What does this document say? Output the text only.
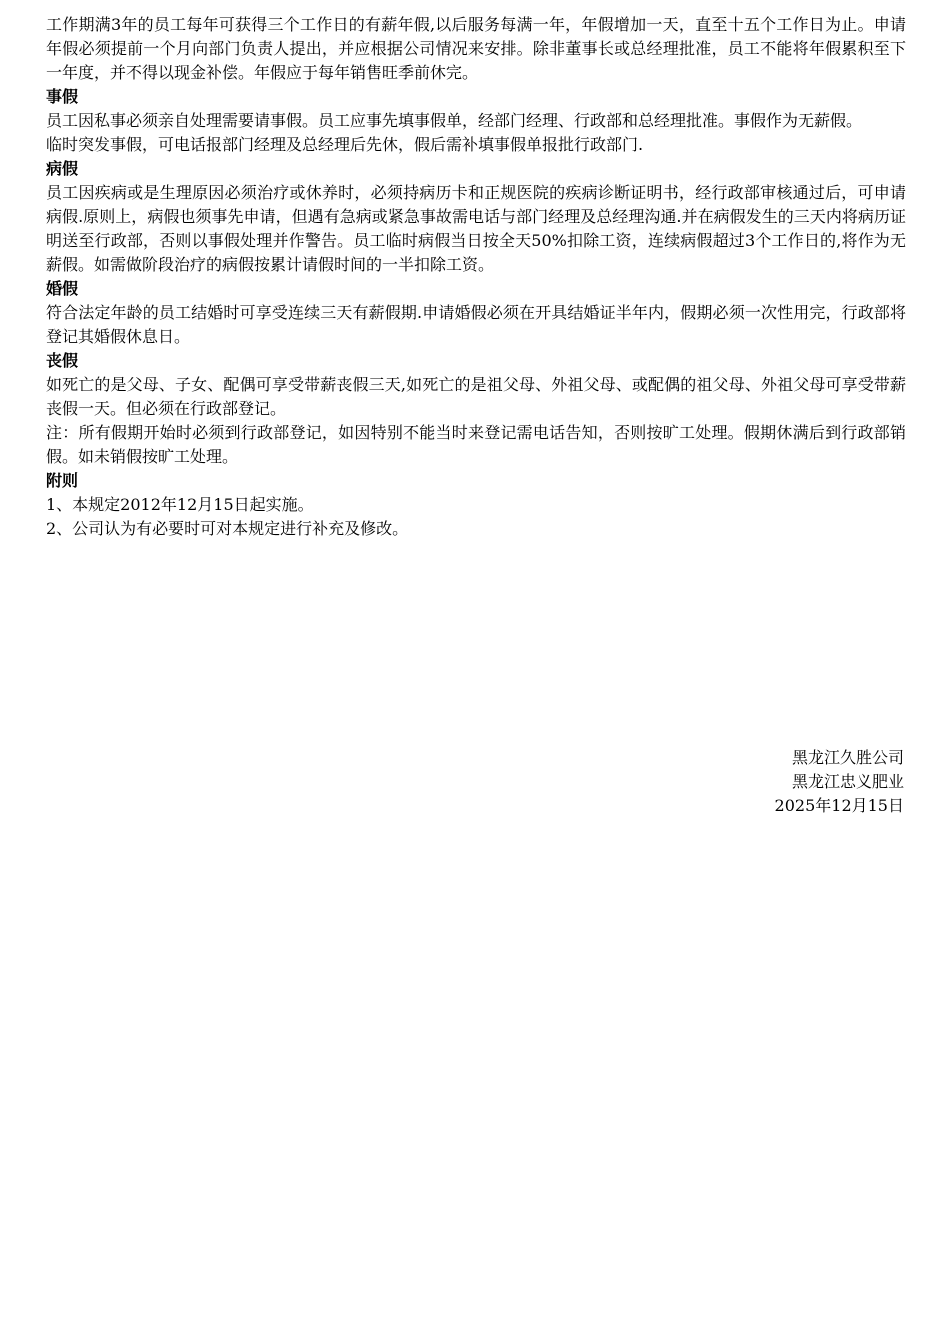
工作期满3年的员工每年可获得三个工作日的有薪年假,以后服务每满一年，年假增加一天，直至十五个工作日为止。申请年假必须提前一个月向部门负责人提出，并应根据公司情况来安排。除非董事长或总经理批准，员工不能将年假累积至下一年度，并不得以现金补偿。年假应于每年销售旺季前休完。

事假

员工因私事必须亲自处理需要请事假。员工应事先填事假单，经部门经理、行政部和总经理批准。事假作为无薪假。

临时突发事假，可电话报部门经理及总经理后先休，假后需补填事假单报批行政部门.

病假

员工因疾病或是生理原因必须治疗或休养时，必须持病历卡和正规医院的疾病诊断证明书，经行政部审核通过后，可申请病假.原则上，病假也须事先申请，但遇有急病或紧急事故需电话与部门经理及总经理沟通.并在病假发生的三天内将病历证明送至行政部，否则以事假处理并作警告。员工临时病假当日按全天50%扣除工资，连续病假超过3个工作日的,将作为无薪假。如需做阶段治疗的病假按累计请假时间的一半扣除工资。

婚假

符合法定年龄的员工结婚时可享受连续三天有薪假期.申请婚假必须在开具结婚证半年内，假期必须一次性用完，行政部将登记其婚假休息日。

丧假

如死亡的是父母、子女、配偶可享受带薪丧假三天,如死亡的是祖父母、外祖父母、或配偶的祖父母、外祖父母可享受带薪丧假一天。但必须在行政部登记。

注：所有假期开始时必须到行政部登记，如因特别不能当时来登记需电话告知，否则按旷工处理。假期休满后到行政部销假。如未销假按旷工处理。

附则

1、本规定2012年12月15日起实施。

2、公司认为有必要时可对本规定进行补充及修改。

黑龙江久胜公司
黑龙江忠义肥业
2025年12月15日
